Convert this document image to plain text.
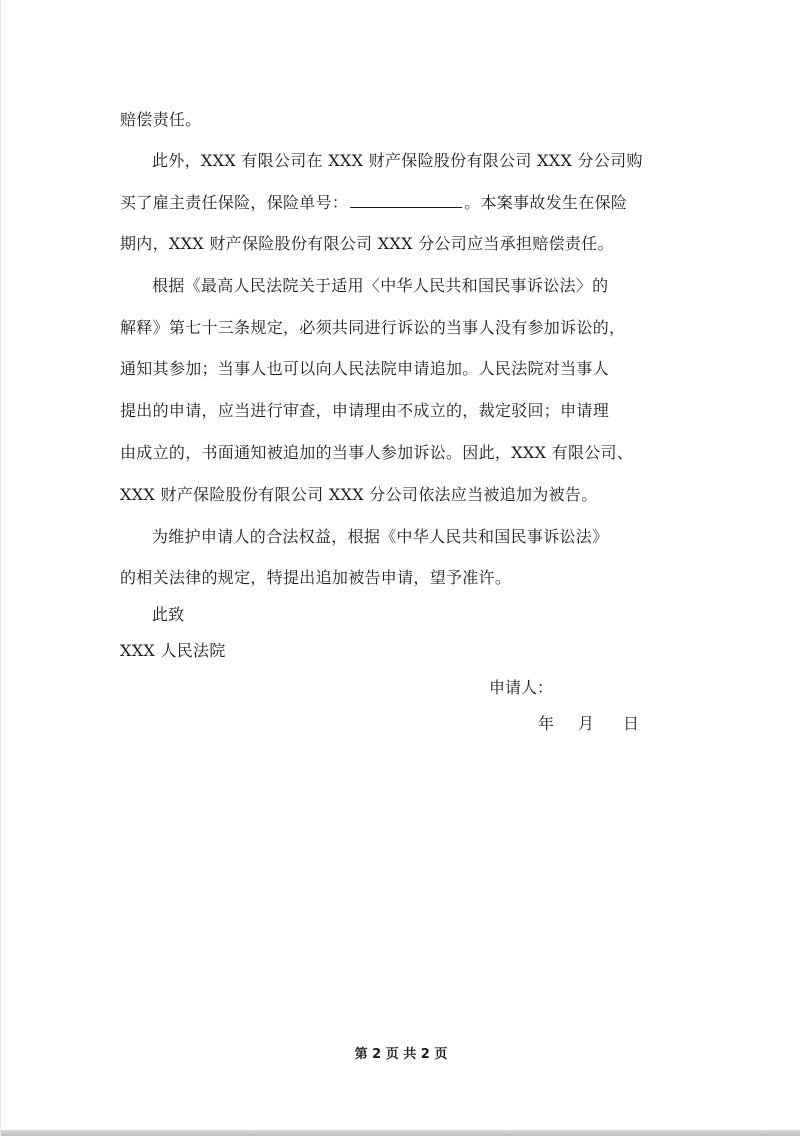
赔偿责任。
此外，XXX 有限公司在 XXX 财产保险股份有限公司 XXX 分公司购
买了雇主责任保险，保险单号：	。本案事故发生在保险
期内，XXX 财产保险股份有限公司 XXX 分公司应当承担赔偿责任。
根据《最高人民法院关于适用〈中华人民共和国民事诉讼法〉的
解释》第七十三条规定，必须共同进行诉讼的当事人没有参加诉讼的，
通知其参加；当事人也可以向人民法院申请追加。人民法院对当事人
提出的申请，应当进行审查，申请理由不成立的，裁定驳回；申请理
由成立的，书面通知被追加的当事人参加诉讼。因此，XXX 有限公司、
XXX 财产保险股份有限公司 XXX 分公司依法应当被追加为被告。
为维护申请人的合法权益，根据《中华人民共和国民事诉讼法》
的相关法律的规定，特提出追加被告申请，望予准许。
此致
XXX 人民法院
申请人：
年 月 日
第 2 页 共 2 页
